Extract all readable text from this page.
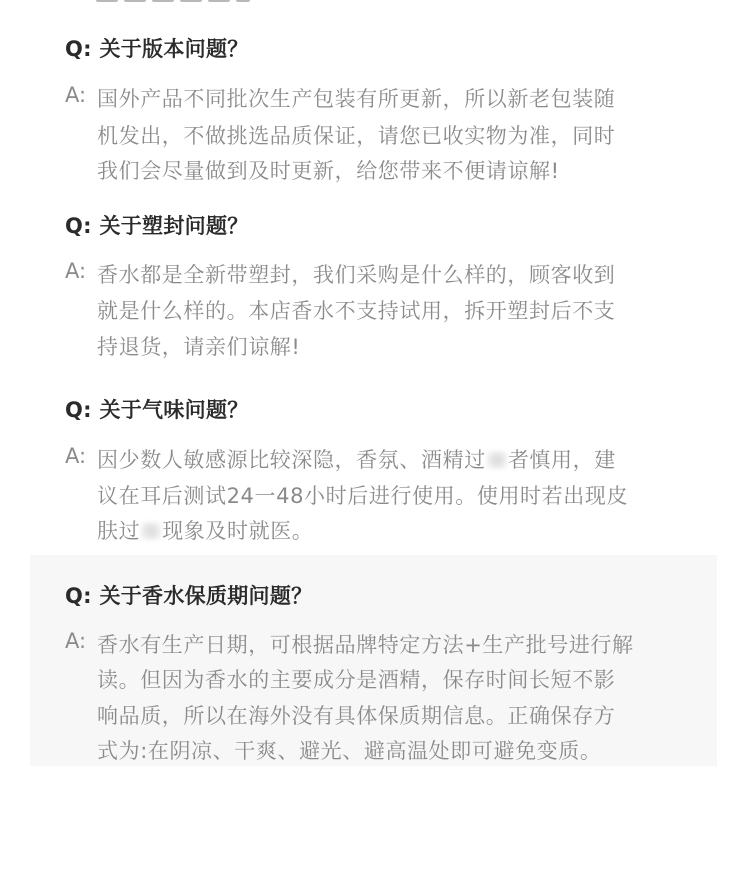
Q: 关于版本问题？
A: 国外产品不同批次生产包装有所更新，所以新老包装随
机发出，不做挑选品质保证，请您已收实物为准，同时
我们会尽量做到及时更新，给您带来不便请谅解!
Q: 关于塑封问题？
A: 香水都是全新带塑封，我们采购是什么样的，顾客收到
就是什么样的。本店香水不支持试用，拆开塑封后不支
持退货，请亲们谅解!
Q: 关于气味问题？
A: 因少数人敏感源比较深隐，香氛、酒精过 者慎用，建
议在耳后测试24一48小时后进行使用。使用时若出现皮
肤过 现象及时就医。
Q: 关于香水保质期问题？
A: 香水有生产日期，可根据品牌特定方法+生产批号进行解
读。但因为香水的主要成分是酒精，保存时间长短不影
响品质，所以在海外没有具体保质期信息。正确保存方
式为:在阴凉、干爽、避光、避高温处即可避免变质。
